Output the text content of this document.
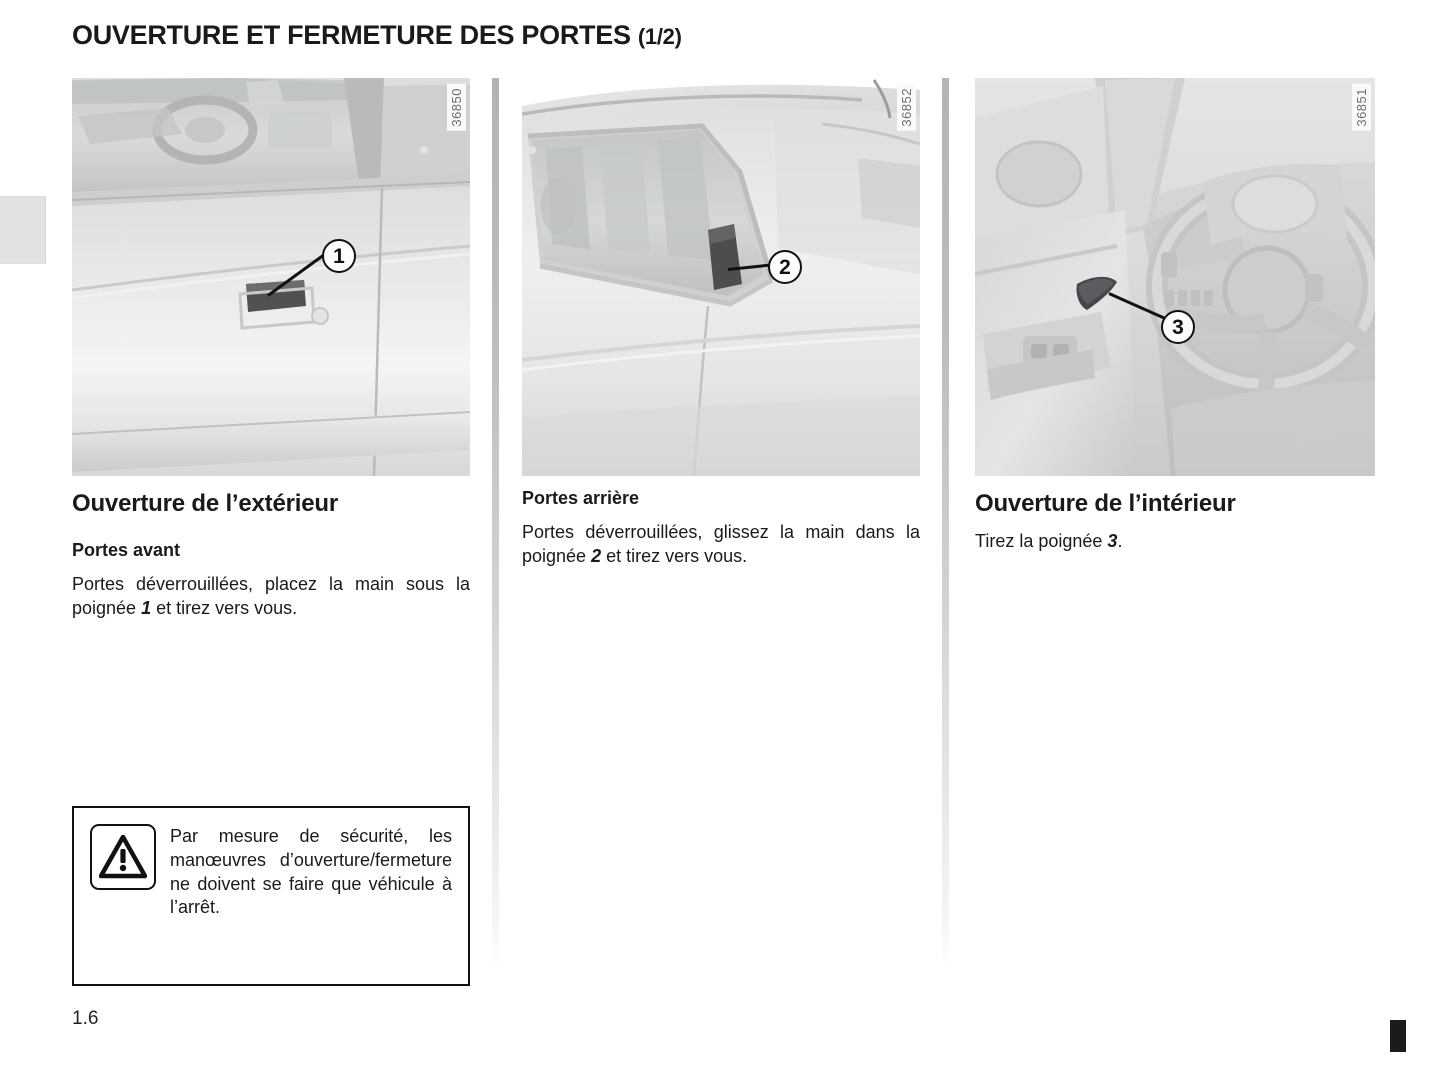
OUVERTURE ET FERMETURE DES PORTES (1/2)
1
36850
Ouverture de l’extérieur
Portes avant

Portes déverrouillées, placez la main sous la poignée 1 et tirez vers vous.

2
36852
Portes arrière

Portes déverrouillées, glissez la main dans la poignée 2 et tirez vers vous.

3
36851
Ouverture de l’intérieur

Tirez la poignée 3.

Par mesure de sécurité, les manœuvres d’ouverture/fermeture ne doivent se faire que véhicule à l’arrêt.
1.6
